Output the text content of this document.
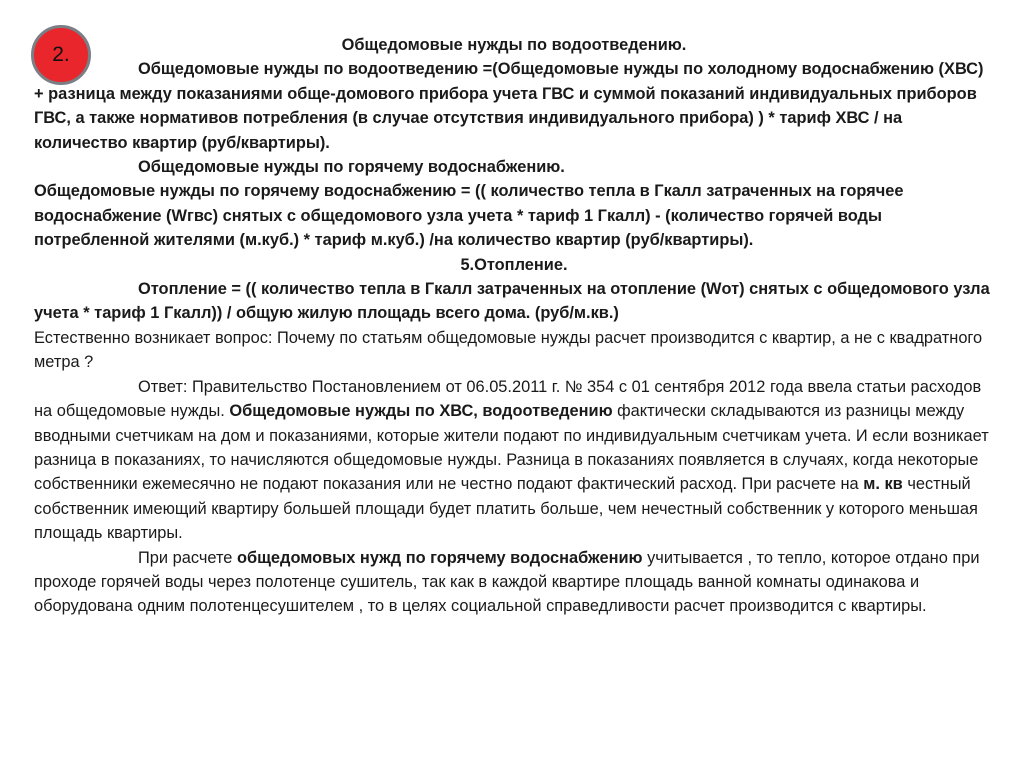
2.	Общедомовые нужды по водоотведению.

Общедомовые нужды по водоотведению =(Общедомовые нужды по холодному водоснабжению (ХВС) + разница между показаниями обще-домового прибора учета ГВС и суммой показаний индивидуальных приборов ГВС, а также нормативов потребления (в случае отсутствия индивидуального прибора) ) * тариф ХВС / на количество квартир (руб/квартиры).

Общедомовые нужды по горячему водоснабжению.

Общедомовые нужды по горячему водоснабжению = (( количество тепла в Гкалл затраченных на горячее водоснабжение (Wгвс) снятых с общедомового узла учета * тариф 1 Гкалл) - (количество горячей воды потребленной жителями (м.куб.) * тариф м.куб.) /на количество квартир (руб/квартиры).

5.Отопление.

Отопление = (( количество тепла в Гкалл затраченных на отопление (Wот) снятых с общедомового узла учета * тариф 1 Гкалл)) / общую жилую площадь всего дома. (руб/м.кв.)

Естественно возникает вопрос: Почему по статьям общедомовые нужды расчет производится с квартир, а не с квадратного метра ?

Ответ: Правительство Постановлением от 06.05.2011 г. № 354 с 01 сентября 2012 года ввела статьи расходов на общедомовые нужды. Общедомовые нужды по ХВС, водоотведению фактически складываются из разницы между вводными счетчикам на дом и показаниями, которые жители подают по индивидуальным счетчикам учета. И если возникает разница в показаниях, то начисляются общедомовые нужды. Разница в показаниях появляется в случаях, когда некоторые собственники ежемесячно не подают показания или не честно подают фактический расход. При расчете на м. кв честный собственник имеющий квартиру большей площади будет платить больше, чем нечестный собственник у которого меньшая площадь квартиры.

При расчете общедомовых нужд по горячему водоснабжению учитывается , то тепло, которое отдано при проходе горячей воды через полотенце сушитель, так как в каждой квартире площадь ванной комнаты одинакова и оборудована одним полотенцесушителем , то в целях социальной справедливости расчет производится с квартиры.
